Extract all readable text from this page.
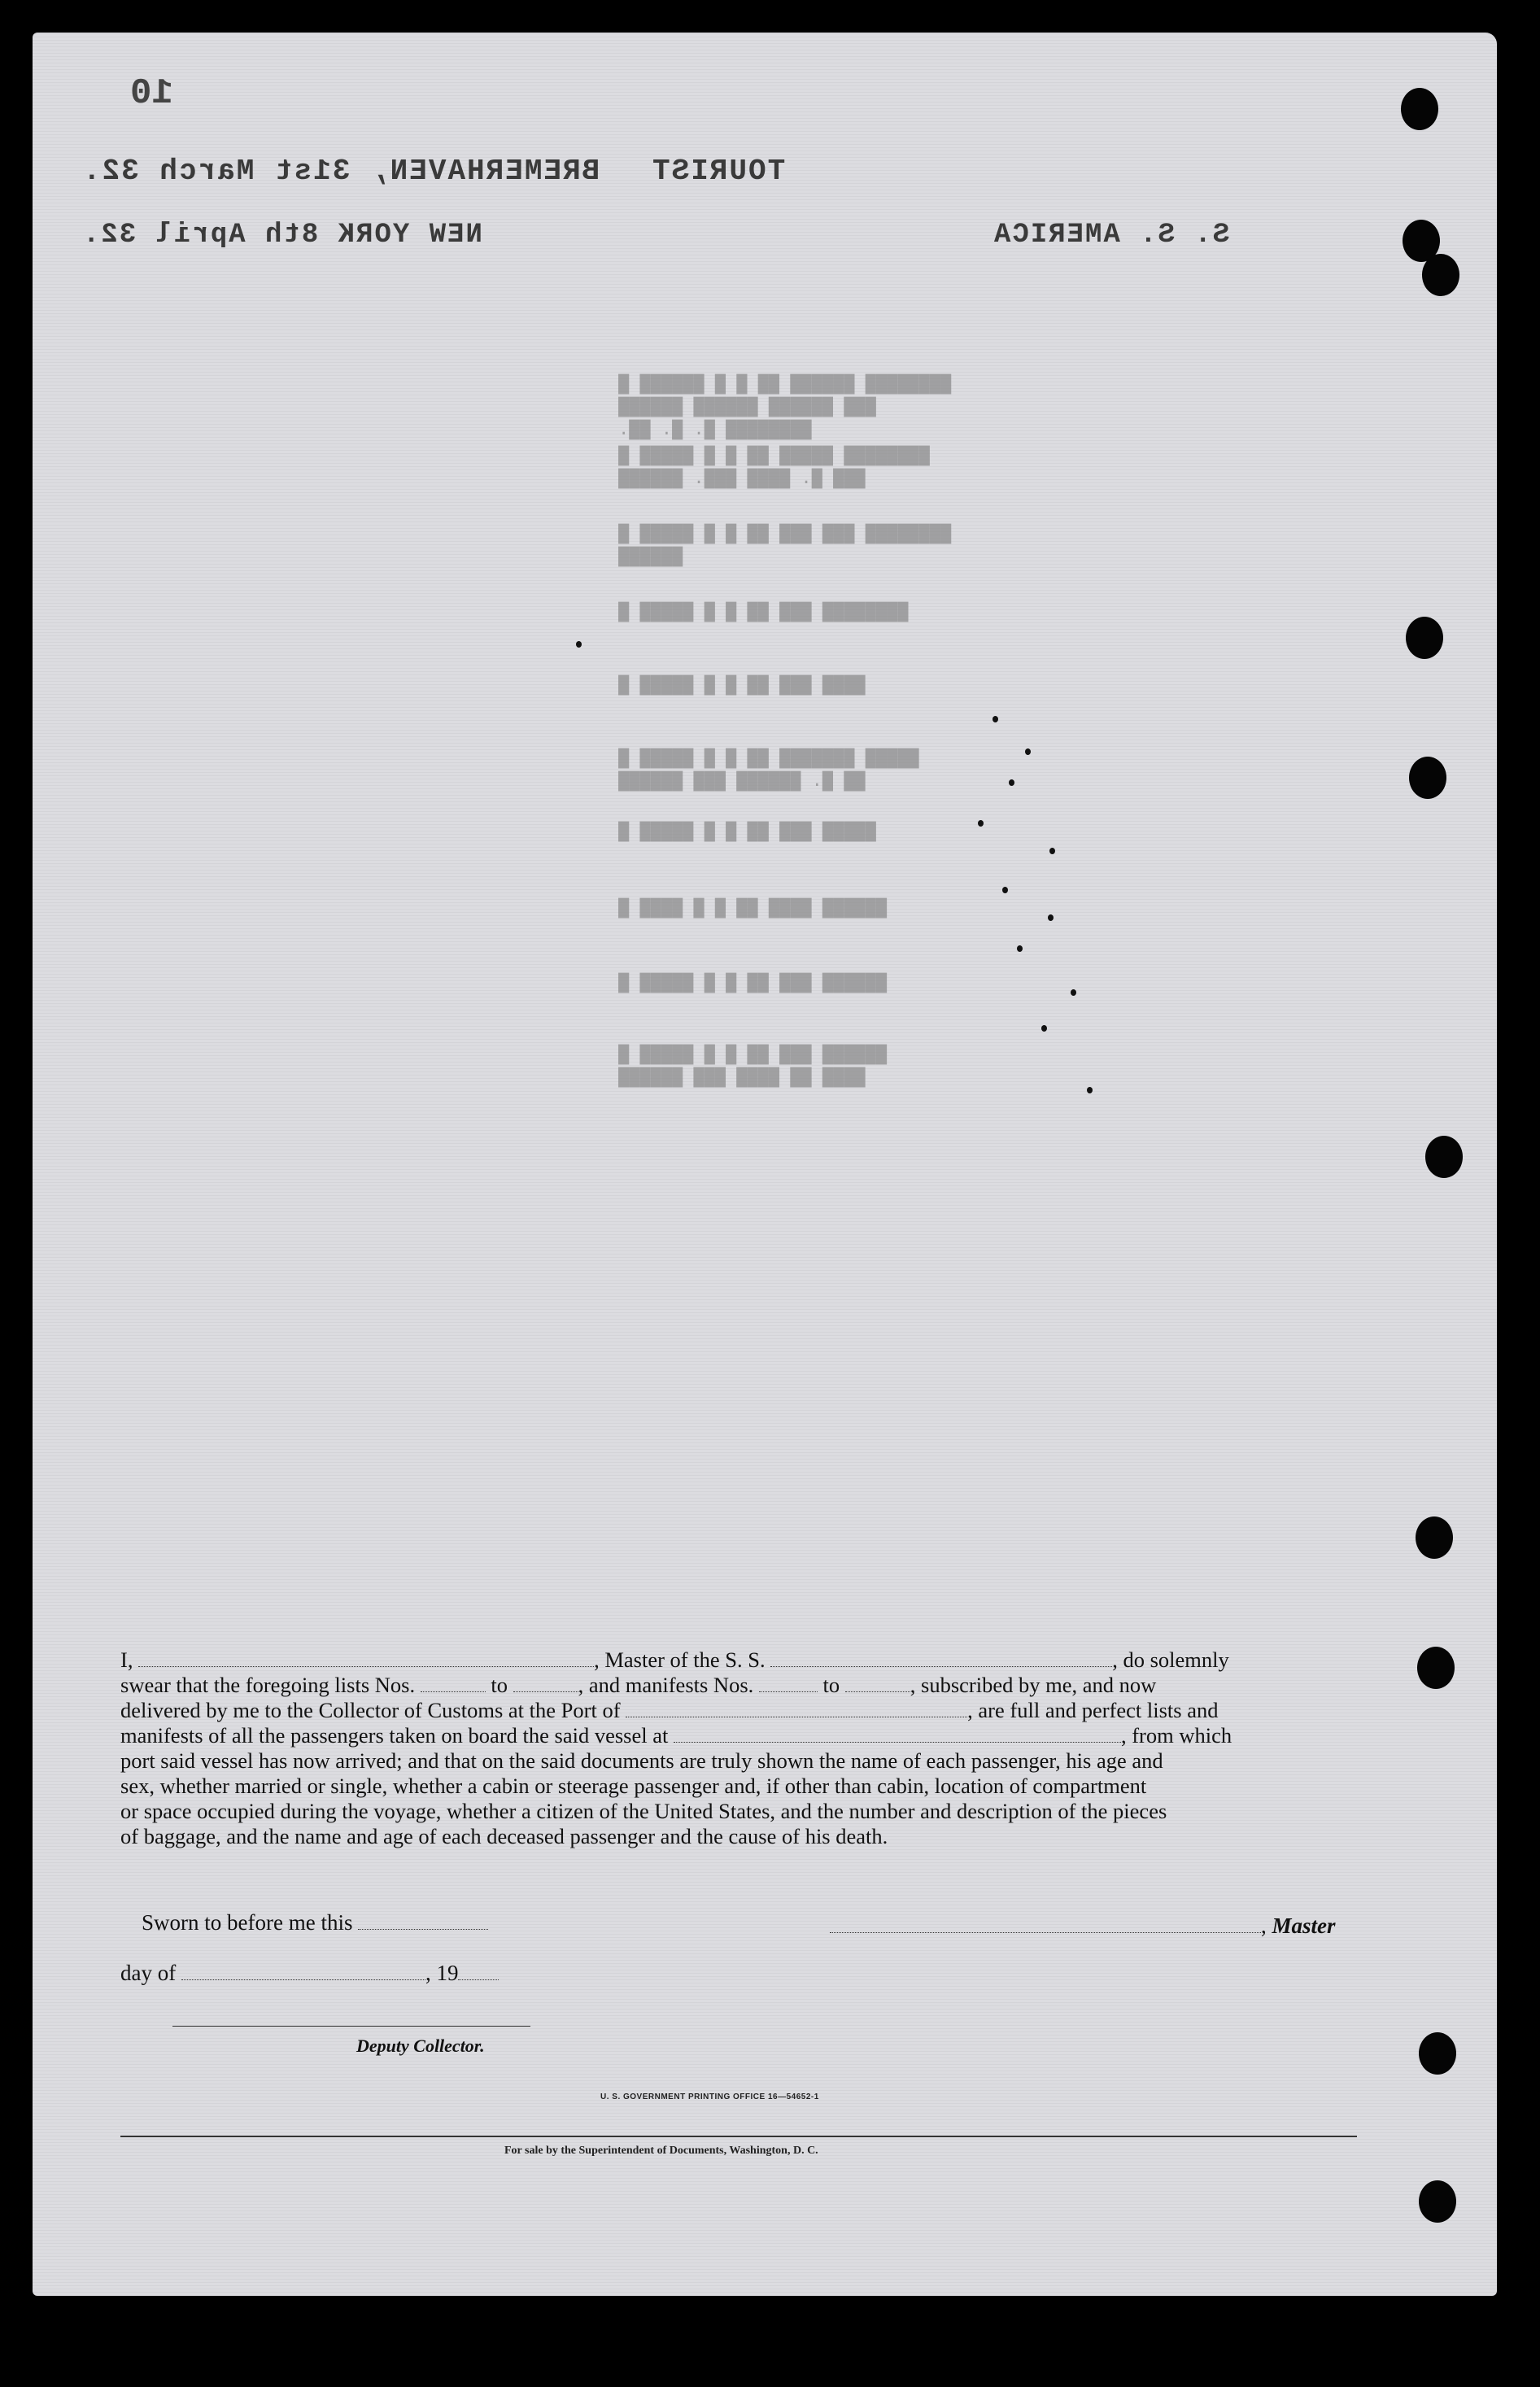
10
BREMERHAVEN, 31st March 32. TOURIST
NEW YORK 8th April 32.	S. S. AMERICA
████████ ██████ ██ █ █ ██████ █
███ ██████ ██████ ██████
████████ █. █. ██.
████████ █████ ██ █ █ █████ █
███ █. ████ ███. ██████
████████ ███ ███ ██ █ █ █████ █
██████
████████ ███ ██ █ █ █████ █
████ ███ ██ █ █ █████ █
█████ ███████ ██ █ █ █████ █
██ █. ██████ ███ ██████
█████ ███ ██ █ █ █████ █
██████ ████ ██ █ █ ████ █
██████ ███ ██ █ █ █████ █
██████ ███ ██ █ █ █████ █
████ ██ ████ ███ ██████
I,	, Master of the S. S.	, do solemnly
swear that the foregoing lists Nos.	to	, and manifests Nos.	to	, subscribed by me, and now
delivered by me to the Collector of Customs at the Port of	, are full and perfect lists and
manifests of all the passengers taken on board the said vessel at	, from which
port said vessel has now arrived; and that on the said documents are truly shown the name of each passenger, his age and
sex, whether married or single, whether a cabin or steerage passenger and, if other than cabin, location of compartment
or space occupied during the voyage, whether a citizen of the United States, and the number and description of the pieces
of baggage, and the name and age of each deceased passenger and the cause of his death.
Sworn to before me this	, Master
day of	, 19
Deputy Collector.
U. S. GOVERNMENT PRINTING OFFICE 16—54652-1
For sale by the Superintendent of Documents, Washington, D. C.
